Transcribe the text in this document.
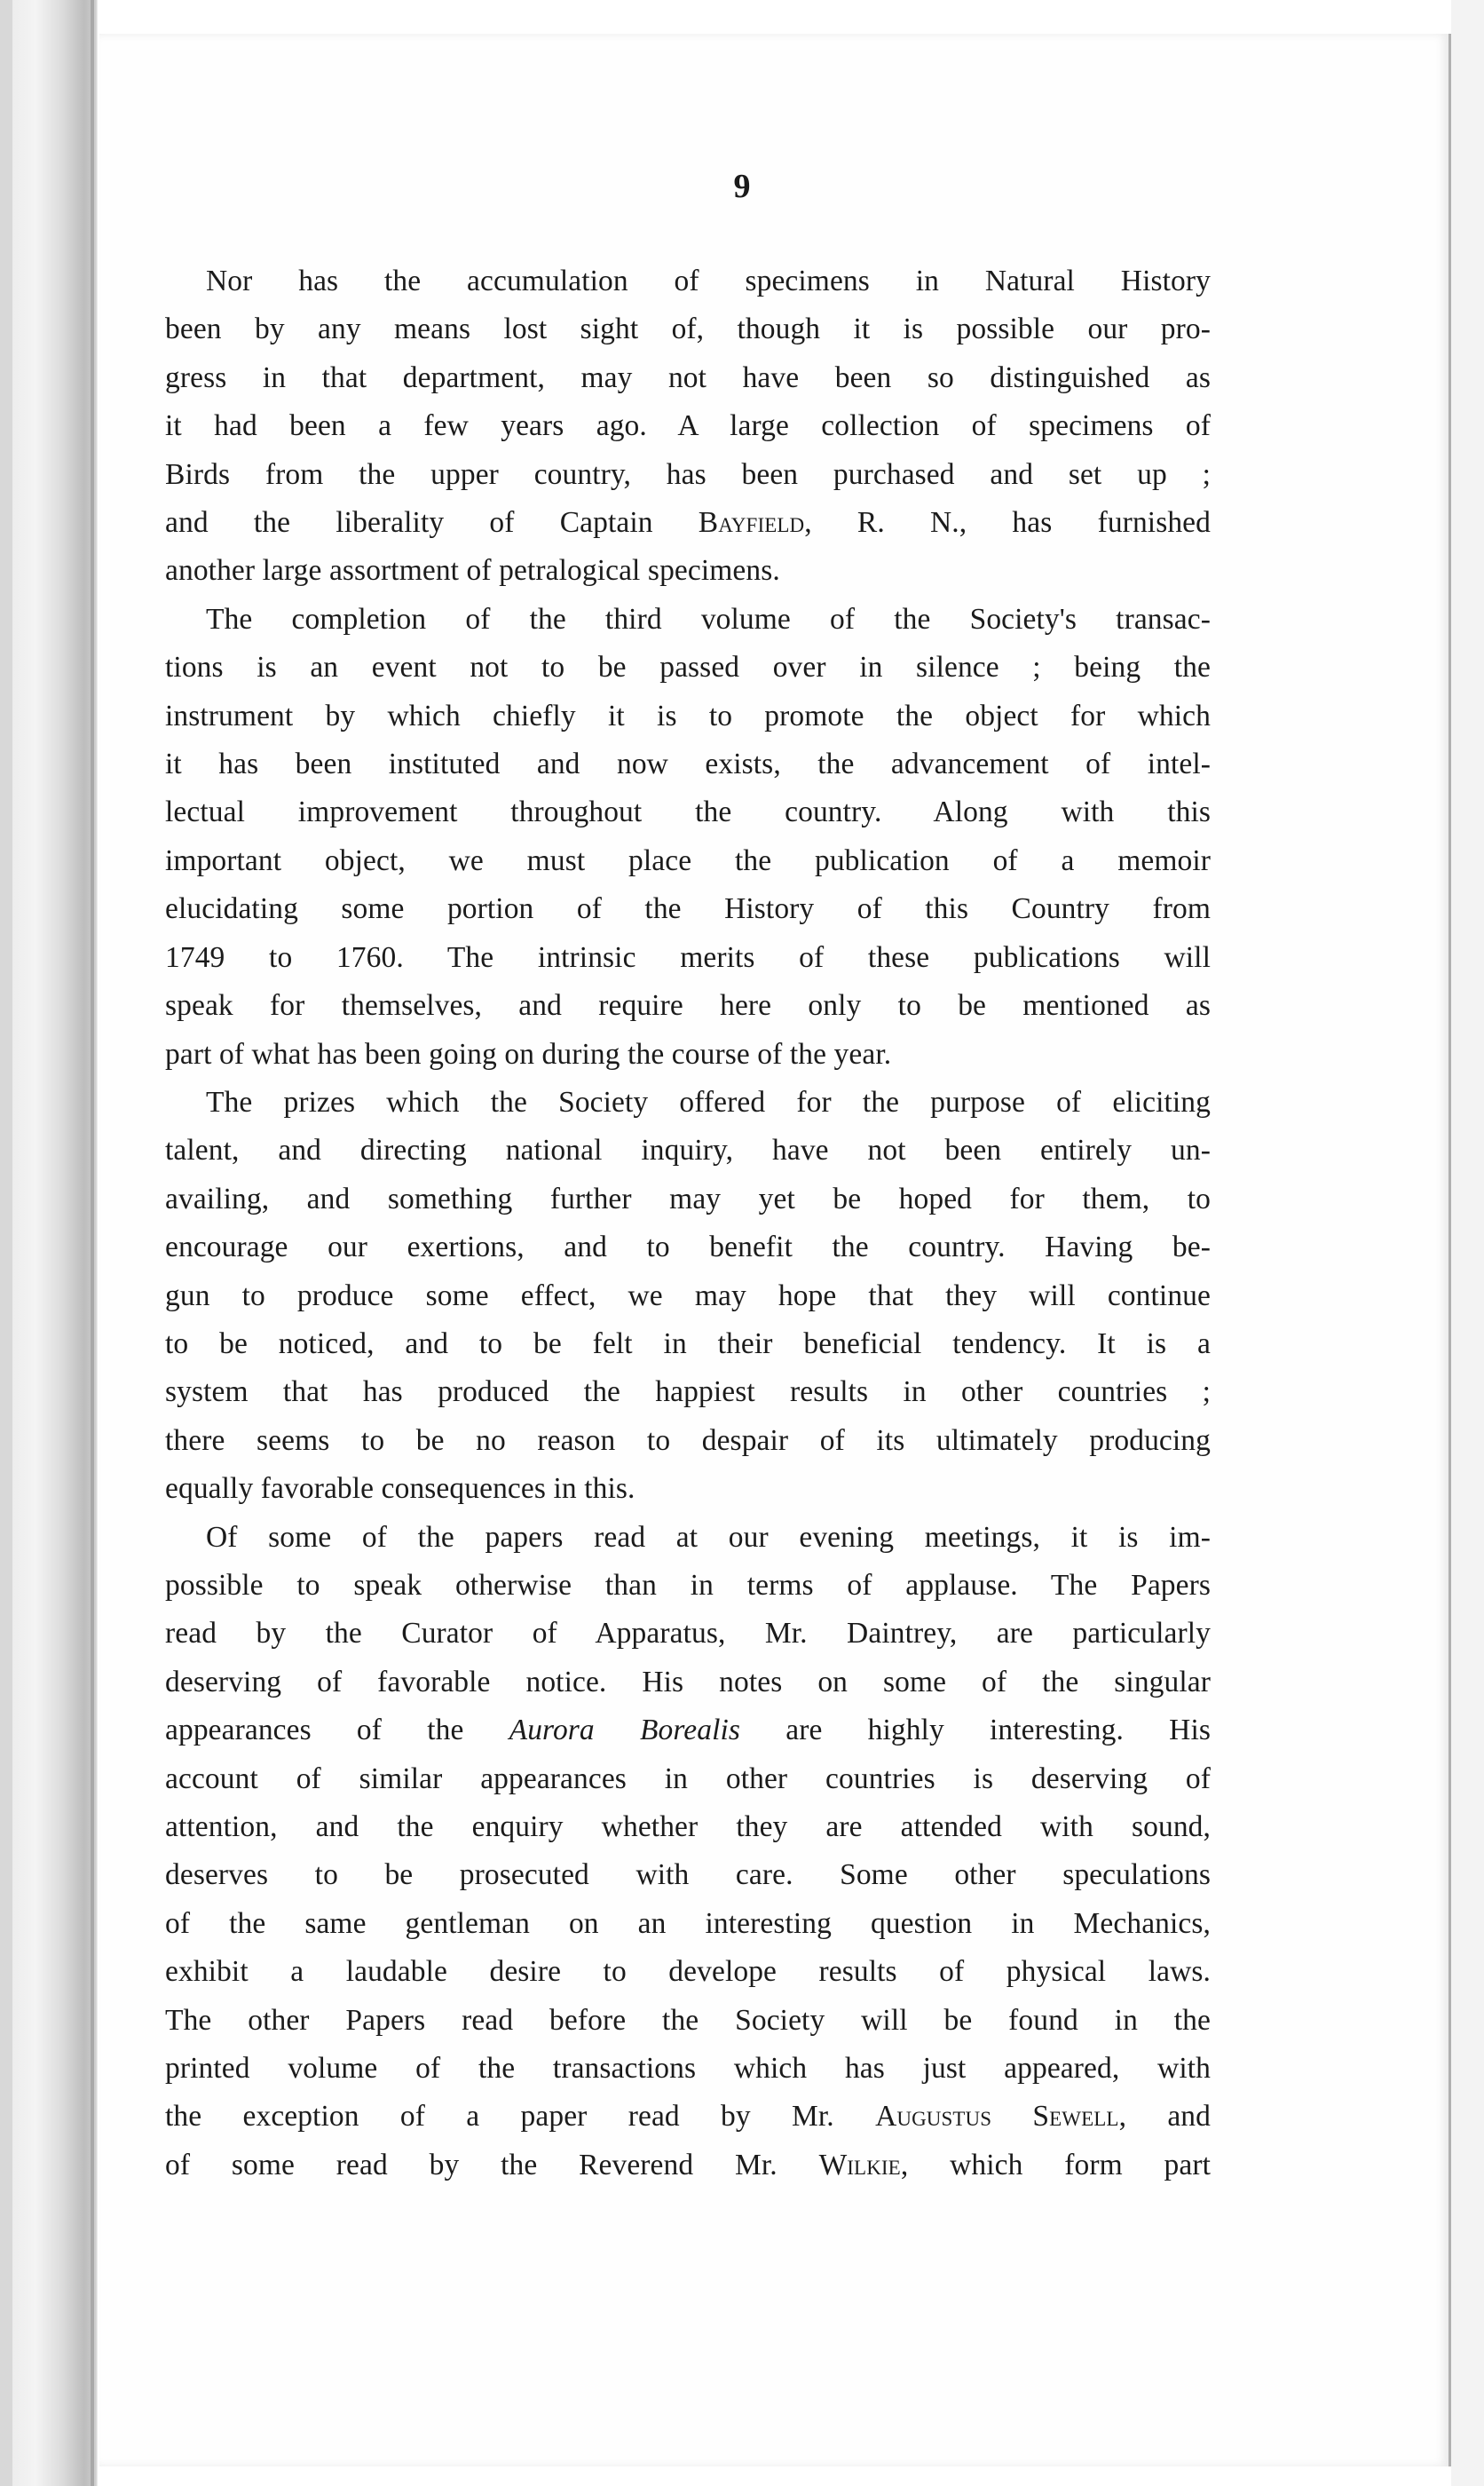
9
Nor has the accumulation of specimens in Natural History
been by any means lost sight of, though it is possible our pro-
gress in that department, may not have been so distinguished as
it had been a few years ago. A large collection of specimens of
Birds from the upper country, has been purchased and set up ;
and the liberality of Captain Bayfield, R. N., has furnished
another large assortment of petralogical specimens.
The completion of the third volume of the Society's transac-
tions is an event not to be passed over in silence ; being the
instrument by which chiefly it is to promote the object for which
it has been instituted and now exists, the advancement of intel-
lectual improvement throughout the country. Along with this
important object, we must place the publication of a memoir
elucidating some portion of the History of this Country from
1749 to 1760. The intrinsic merits of these publications will
speak for themselves, and require here only to be mentioned as
part of what has been going on during the course of the year.
The prizes which the Society offered for the purpose of eliciting
talent, and directing national inquiry, have not been entirely un-
availing, and something further may yet be hoped for them, to
encourage our exertions, and to benefit the country. Having be-
gun to produce some effect, we may hope that they will continue
to be noticed, and to be felt in their beneficial tendency. It is a
system that has produced the happiest results in other countries ;
there seems to be no reason to despair of its ultimately producing
equally favorable consequences in this.
Of some of the papers read at our evening meetings, it is im-
possible to speak otherwise than in terms of applause. The Papers
read by the Curator of Apparatus, Mr. Daintrey, are particularly
deserving of favorable notice. His notes on some of the singular
appearances of the Aurora Borealis are highly interesting. His
account of similar appearances in other countries is deserving of
attention, and the enquiry whether they are attended with sound,
deserves to be prosecuted with care. Some other speculations
of the same gentleman on an interesting question in Mechanics,
exhibit a laudable desire to develope results of physical laws.
The other Papers read before the Society will be found in the
printed volume of the transactions which has just appeared, with
the exception of a paper read by Mr. Augustus Sewell, and
of some read by the Reverend Mr. Wilkie, which form part
